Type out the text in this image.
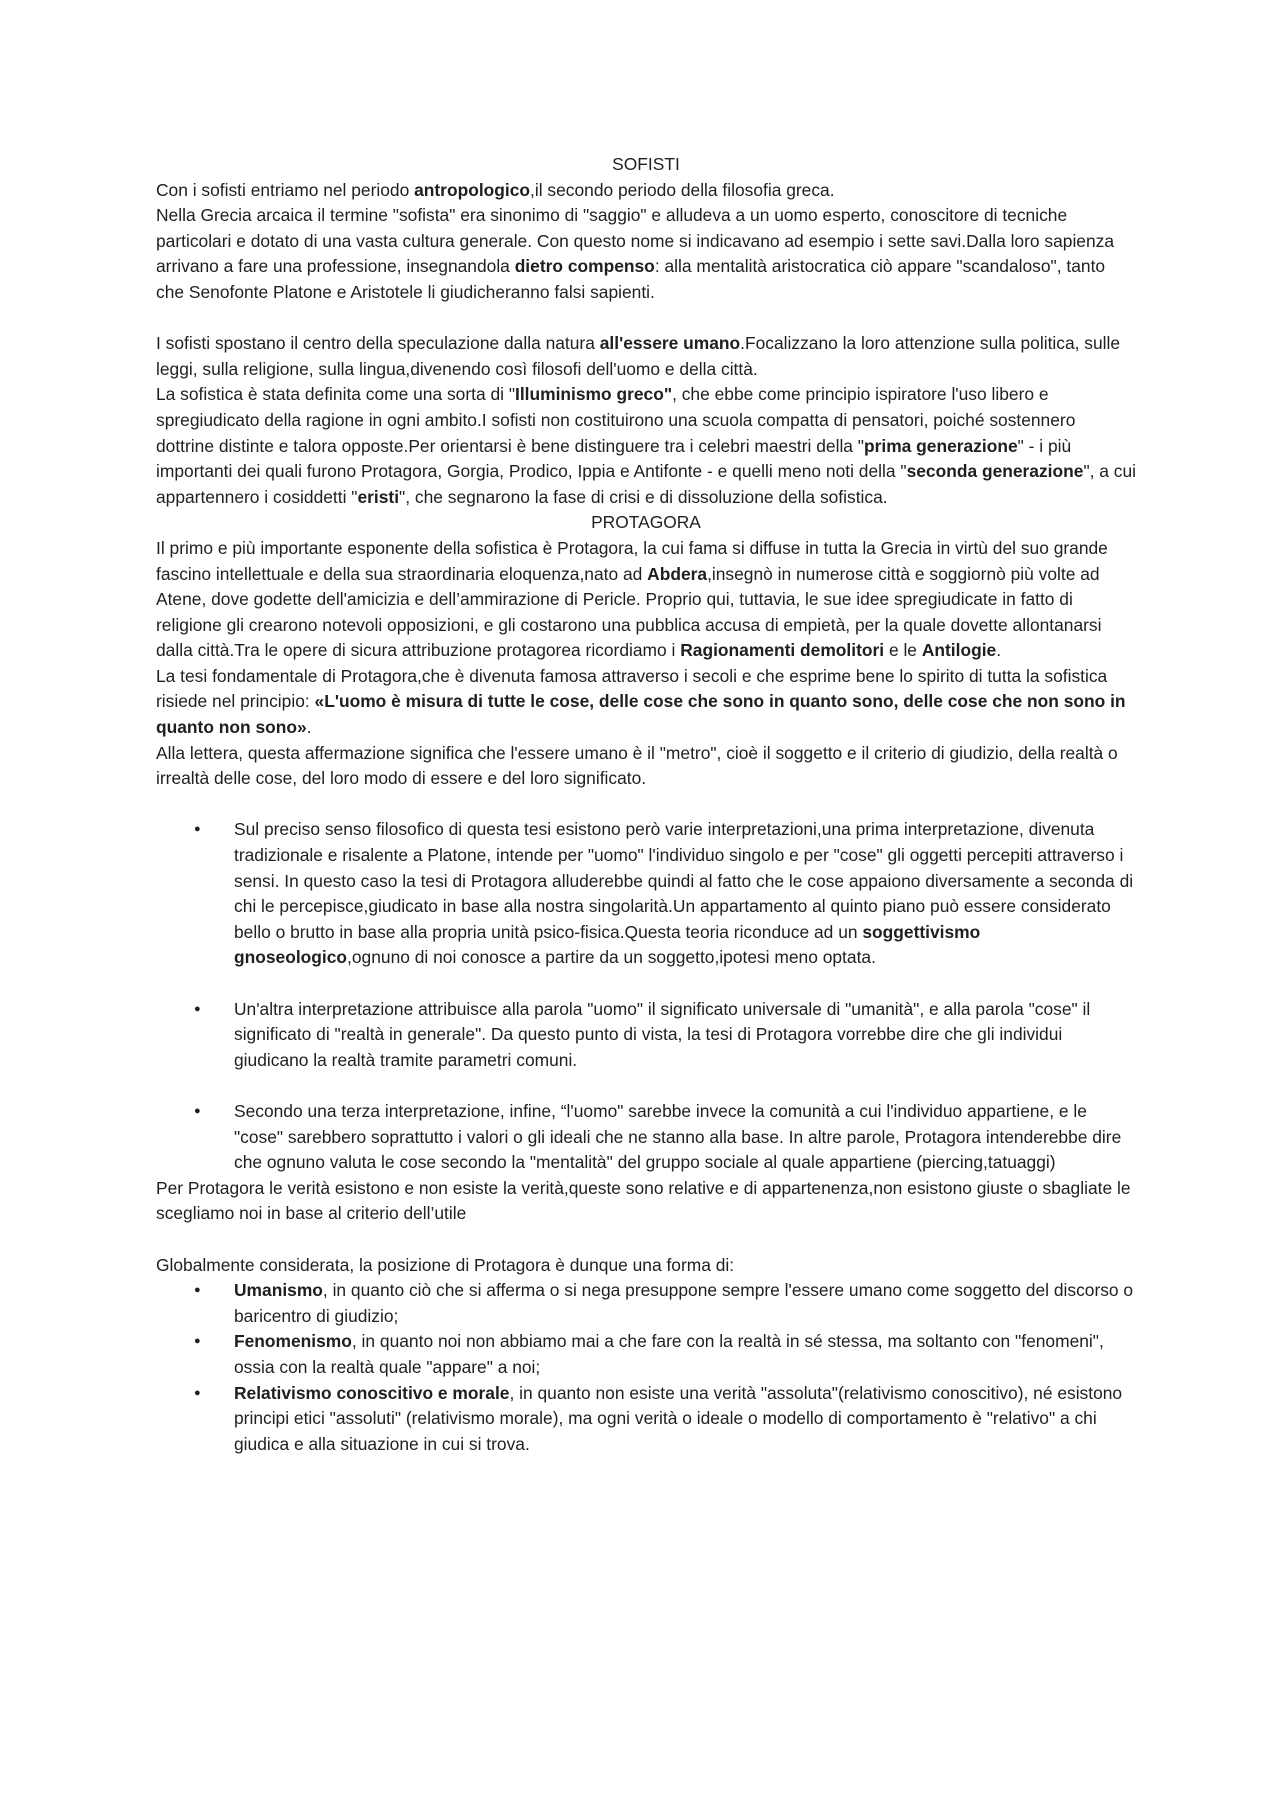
SOFISTI

Con i sofisti entriamo nel periodo antropologico,il secondo periodo della filosofia greca.

Nella Grecia arcaica il termine "sofista" era sinonimo di "saggio" e alludeva a un uomo esperto, conoscitore di tecniche particolari e dotato di una vasta cultura generale. Con questo nome si indicavano ad esempio i sette savi.Dalla loro sapienza arrivano a fare una professione, insegnandola dietro compenso: alla mentalità aristocratica ciò appare "scandaloso", tanto che Senofonte Platone e Aristotele li giudicheranno falsi sapienti.

I sofisti spostano il centro della speculazione dalla natura all'essere umano.Focalizzano la loro attenzione sulla politica, sulle leggi, sulla religione, sulla lingua,divenendo così filosofi dell'uomo e della città.

La sofistica è stata definita come una sorta di "Illuminismo greco", che ebbe come principio ispiratore l'uso libero e spregiudicato della ragione in ogni ambito.I sofisti non costituirono una scuola compatta di pensatori, poiché sostennero dottrine distinte e talora opposte.Per orientarsi è bene distinguere tra i celebri maestri della "prima generazione" - i più importanti dei quali furono Protagora, Gorgia, Prodico, Ippia e Antifonte - e quelli meno noti della "seconda generazione", a cui appartennero i cosiddetti "eristi", che segnarono la fase di crisi e di dissoluzione della sofistica.

PROTAGORA

Il primo e più importante esponente della sofistica è Protagora, la cui fama si diffuse in tutta la Grecia in virtù del suo grande fascino intellettuale e della sua straordinaria eloquenza,nato ad Abdera,insegnò in numerose città e soggiornò più volte ad Atene, dove godette dell'amicizia e dell’ammirazione di Pericle. Proprio qui, tuttavia, le sue idee spregiudicate in fatto di religione gli crearono notevoli opposizioni, e gli costarono una pubblica accusa di empietà, per la quale dovette allontanarsi dalla città.Tra le opere di sicura attribuzione protagorea ricordiamo i Ragionamenti demolitori e le Antilogie.

La tesi fondamentale di Protagora,che è divenuta famosa attraverso i secoli e che esprime bene lo spirito di tutta la sofistica risiede nel principio: «L'uomo è misura di tutte le cose, delle cose che sono in quanto sono, delle cose che non sono in quanto non sono».

Alla lettera, questa affermazione significa che l'essere umano è il "metro", cioè il soggetto e il criterio di giudizio, della realtà o irrealtà delle cose, del loro modo di essere e del loro significato.

● Sul preciso senso filosofico di questa tesi esistono però varie interpretazioni,una prima interpretazione, divenuta tradizionale e risalente a Platone, intende per "uomo" l'individuo singolo e per "cose" gli oggetti percepiti attraverso i sensi. In questo caso la tesi di Protagora alluderebbe quindi al fatto che le cose appaiono diversamente a seconda di chi le percepisce,giudicato in base alla nostra singolarità.Un appartamento al quinto piano può essere considerato bello o brutto in base alla propria unità psico-fisica.Questa teoria riconduce ad un soggettivismo gnoseologico,ognuno di noi conosce a partire da un soggetto,ipotesi meno optata.
● Un'altra interpretazione attribuisce alla parola "uomo" il significato universale di "umanità", e alla parola "cose" il significato di "realtà in generale". Da questo punto di vista, la tesi di Protagora vorrebbe dire che gli individui giudicano la realtà tramite parametri comuni.
● Secondo una terza interpretazione, infine, “l'uomo" sarebbe invece la comunità a cui l'individuo appartiene, e le "cose" sarebbero soprattutto i valori o gli ideali che ne stanno alla base. In altre parole, Protagora intenderebbe dire che ognuno valuta le cose secondo la "mentalità" del gruppo sociale al quale appartiene (piercing,tatuaggi)

Per Protagora le verità esistono e non esiste la verità,queste sono relative e di appartenenza,non esistono giuste o sbagliate le scegliamo noi in base al criterio dell’utile

Globalmente considerata, la posizione di Protagora è dunque una forma di:

● Umanismo, in quanto ciò che si afferma o si nega presuppone sempre l'essere umano come soggetto del discorso o baricentro di giudizio;
● Fenomenismo, in quanto noi non abbiamo mai a che fare con la realtà in sé stessa, ma soltanto con "fenomeni", ossia con la realtà quale "appare" a noi;
● Relativismo conoscitivo e morale, in quanto non esiste una verità "assoluta"(relativismo conoscitivo), né esistono principi etici "assoluti" (relativismo morale), ma ogni verità o ideale o modello di comportamento è "relativo" a chi giudica e alla situazione in cui si trova.
